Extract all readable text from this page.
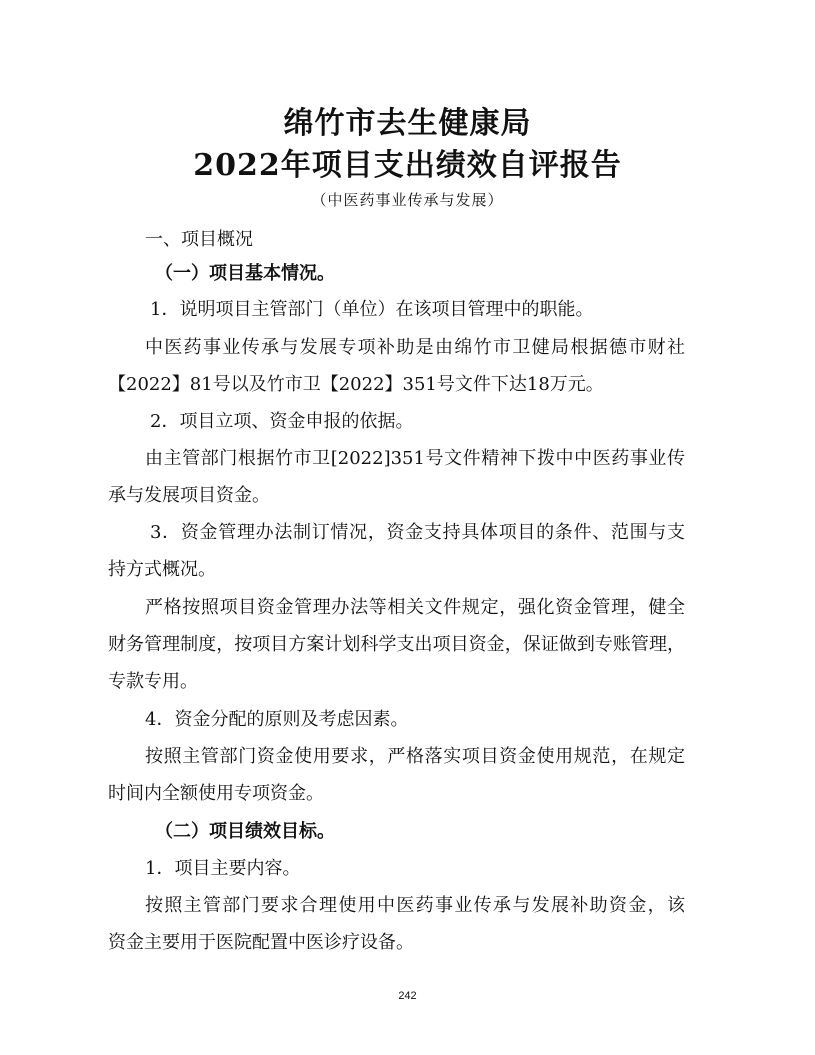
绵竹市去生健康局
2022年项目支出绩效自评报告
（中医药事业传承与发展）
一、项目概况
（一）项目基本情况。
1．说明项目主管部门（单位）在该项目管理中的职能。
中医药事业传承与发展专项补助是由绵竹市卫健局根据德市财社
【2022】81号以及竹市卫【2022】351号文件下达18万元。
2．项目立项、资金申报的依据。
由主管部门根据竹市卫[2022]351号文件精神下拨中中医药事业传
承与发展项目资金。
3．资金管理办法制订情况，资金支持具体项目的条件、范围与支
持方式概况。
严格按照项目资金管理办法等相关文件规定，强化资金管理，健全
财务管理制度，按项目方案计划科学支出项目资金，保证做到专账管理，
专款专用。
4．资金分配的原则及考虑因素。
按照主管部门资金使用要求，严格落实项目资金使用规范，在规定
时间内全额使用专项资金。
（二）项目绩效目标。
1．项目主要内容。
按照主管部门要求合理使用中医药事业传承与发展补助资金，该
资金主要用于医院配置中医诊疗设备。
242
